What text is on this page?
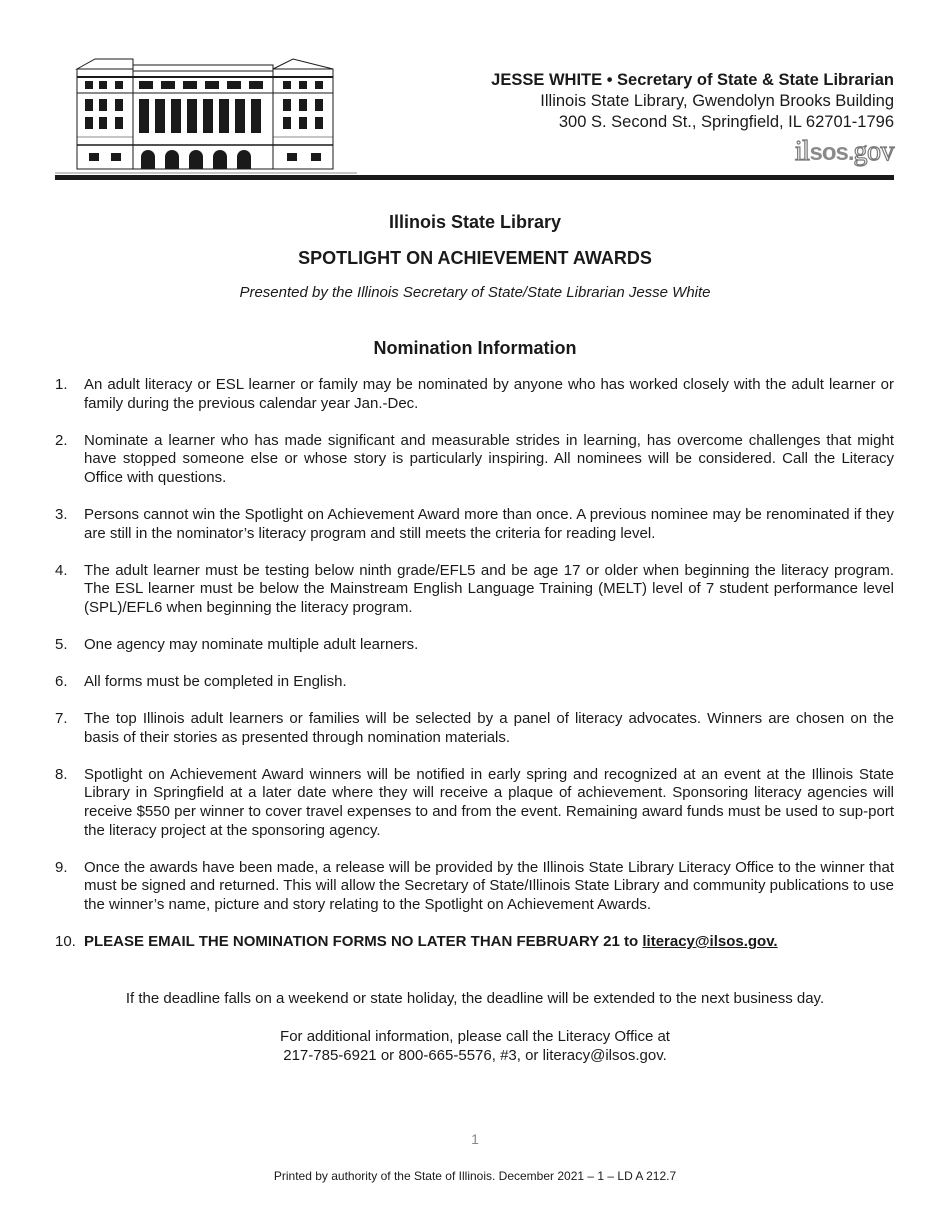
JESSE WHITE • Secretary of State & State Librarian
Illinois State Library, Gwendolyn Brooks Building
300 S. Second St., Springfield, IL 62701-1796
ilsos.gov
Illinois State Library
SPOTLIGHT ON ACHIEVEMENT AWARDS
Presented by the Illinois Secretary of State/State Librarian Jesse White
Nomination Information
1.	An adult literacy or ESL learner or family may be nominated by anyone who has worked closely with the adult learner or family during the previous calendar year Jan.-Dec.
2.	Nominate a learner who has made significant and measurable strides in learning, has overcome challenges that might have stopped someone else or whose story is particularly inspiring. All nominees will be considered. Call the Literacy Office with questions.
3.	Persons cannot win the Spotlight on Achievement Award more than once. A previous nominee may be renominated if they are still in the nominator’s literacy program and still meets the criteria for reading level.
4.	The adult learner must be testing below ninth grade/EFL5 and be age 17 or older when beginning the literacy program. The ESL learner must be below the Mainstream English Language Training (MELT) level of 7 student performance level (SPL)/EFL6 when beginning the literacy program.
5.	One agency may nominate multiple adult learners.
6.	All forms must be completed in English.
7.	The top Illinois adult learners or families will be selected by a panel of literacy advocates. Winners are chosen on the basis of their stories as presented through nomination materials.
8.	Spotlight on Achievement Award winners will be notified in early spring and recognized at an event at the Illinois State Library in Springfield at a later date where they will receive a plaque of achievement. Sponsoring literacy agencies will receive $550 per winner to cover travel expenses to and from the event. Remaining award funds must be used to sup-port the literacy project at the sponsoring agency.
9.	Once the awards have been made, a release will be provided by the Illinois State Library Literacy Office to the winner that must be signed and returned. This will allow the Secretary of State/Illinois State Library and community publications to use the winner’s name, picture and story relating to the Spotlight on Achievement Awards.
10. PLEASE EMAIL THE NOMINATION FORMS NO LATER THAN FEBRUARY 21 to literacy@ilsos.gov.
If the deadline falls on a weekend or state holiday, the deadline will be extended to the next business day.
For additional information, please call the Literacy Office at
217-785-6921 or 800-665-5576, #3, or literacy@ilsos.gov.
1
Printed by authority of the State of Illinois. December 2021 – 1 – LD A 212.7
